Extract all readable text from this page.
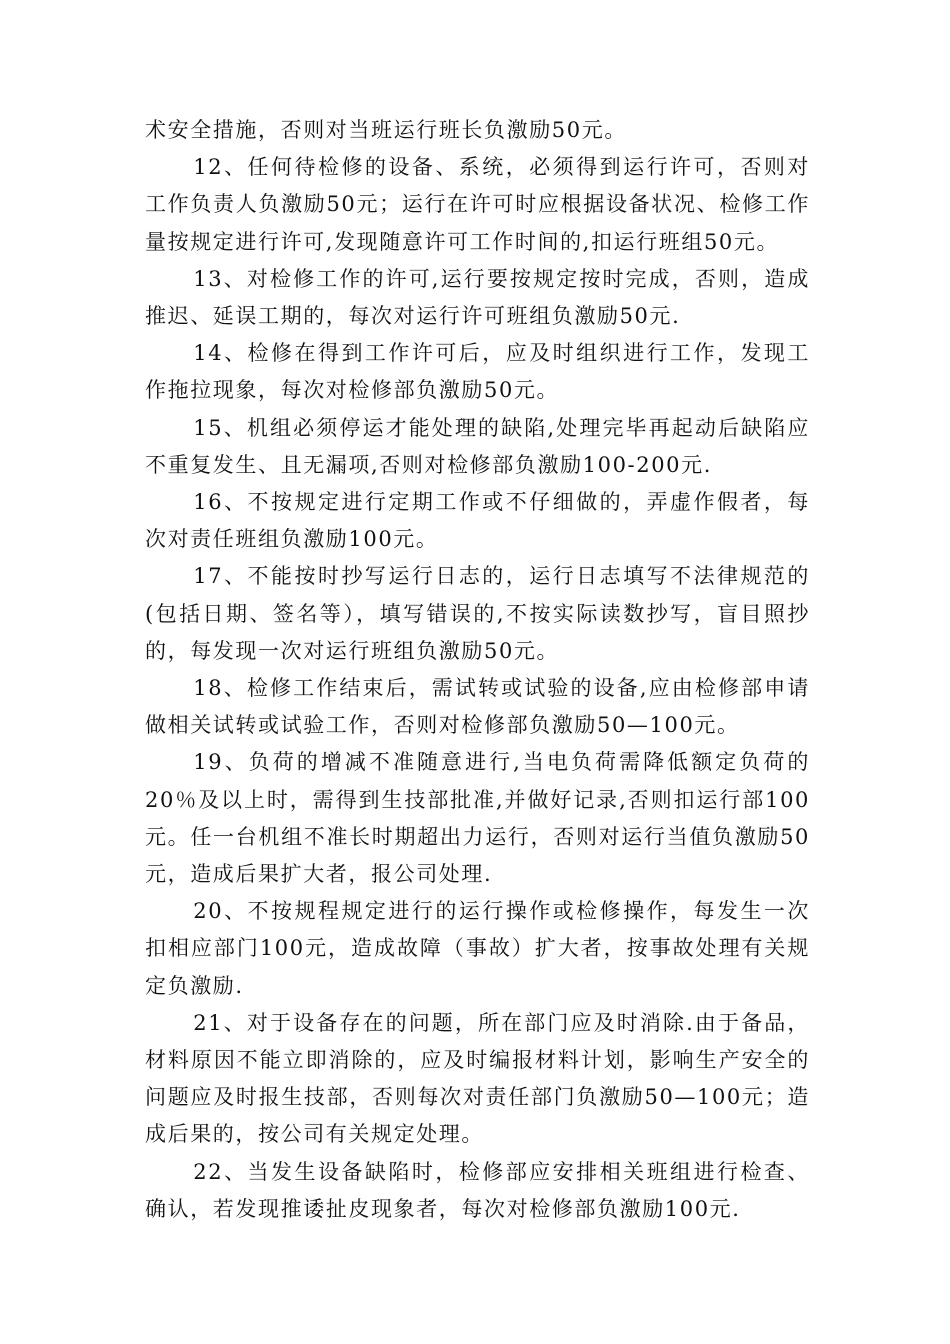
术安全措施，否则对当班运行班长负激励50元。

12、任何待检修的设备、系统，必须得到运行许可，否则对工作负责人负激励50元；运行在许可时应根据设备状况、检修工作量按规定进行许可,发现随意许可工作时间的,扣运行班组50元。

13、对检修工作的许可,运行要按规定按时完成，否则，造成推迟、延误工期的，每次对运行许可班组负激励50元.

14、检修在得到工作许可后，应及时组织进行工作，发现工作拖拉现象，每次对检修部负激励50元。

15、机组必须停运才能处理的缺陷,处理完毕再起动后缺陷应不重复发生、且无漏项,否则对检修部负激励100-200元.

16、不按规定进行定期工作或不仔细做的，弄虚作假者，每次对责任班组负激励100元。

17、不能按时抄写运行日志的，运行日志填写不法律规范的(包括日期、签名等），填写错误的,不按实际读数抄写，盲目照抄的，每发现一次对运行班组负激励50元。

18、检修工作结束后，需试转或试验的设备,应由检修部申请做相关试转或试验工作，否则对检修部负激励50—100元。

19、负荷的增减不准随意进行,当电负荷需降低额定负荷的20％及以上时，需得到生技部批准,并做好记录,否则扣运行部100元。任一台机组不准长时期超出力运行，否则对运行当值负激励50元，造成后果扩大者，报公司处理.

20、不按规程规定进行的运行操作或检修操作，每发生一次扣相应部门100元，造成故障（事故）扩大者，按事故处理有关规定负激励.

21、对于设备存在的问题，所在部门应及时消除.由于备品，材料原因不能立即消除的，应及时编报材料计划，影响生产安全的问题应及时报生技部，否则每次对责任部门负激励50—100元；造成后果的，按公司有关规定处理。

22、当发生设备缺陷时，检修部应安排相关班组进行检查、确认，若发现推诿扯皮现象者，每次对检修部负激励100元.
